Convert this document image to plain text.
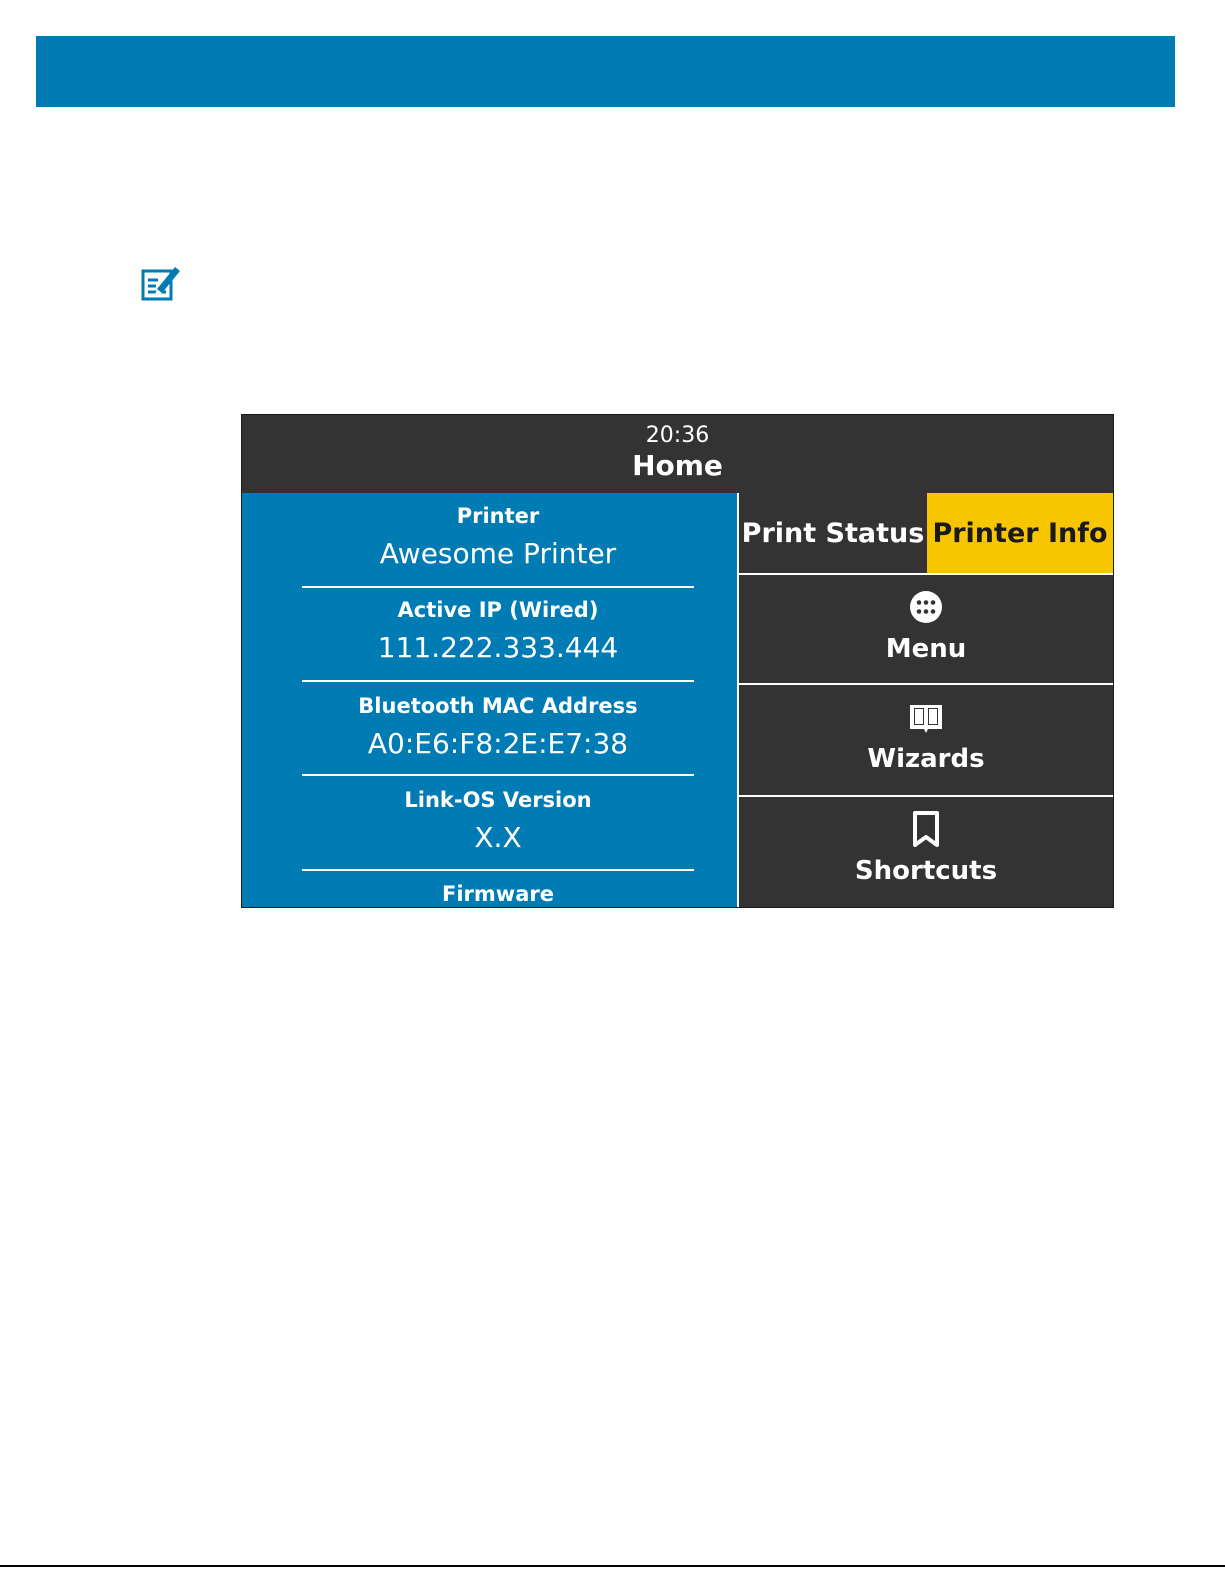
20:36
Home
Printer
Awesome Printer
Active IP (Wired)
111.222.333.444
Bluetooth MAC Address
A0:E6:F8:2E:E7:38
Link-OS Version
X.X
Firmware
Print Status Printer Info
Menu
Wizards
Shortcuts
